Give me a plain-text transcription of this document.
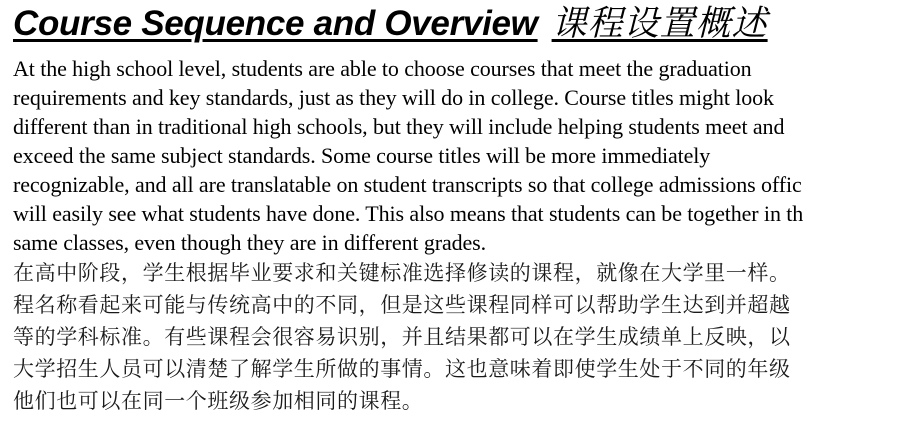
Course Sequence and Overview 课程设置概述
At the high school level, students are able to choose courses that meet the graduation
requirements and key standards, just as they will do in college. Course titles might look
different than in traditional high schools, but they will include helping students meet and
exceed the same subject standards. Some course titles will be more immediately
recognizable, and all are translatable on student transcripts so that college admissions offic
will easily see what students have done. This also means that students can be together in th
same classes, even though they are in different grades.
在高中阶段，学生根据毕业要求和关键标准选择修读的课程，就像在大学里一样。
程名称看起来可能与传统高中的不同，但是这些课程同样可以帮助学生达到并超越
等的学科标准。有些课程会很容易识别，并且结果都可以在学生成绩单上反映，以
大学招生人员可以清楚了解学生所做的事情。这也意味着即使学生处于不同的年级
他们也可以在同一个班级参加相同的课程。
